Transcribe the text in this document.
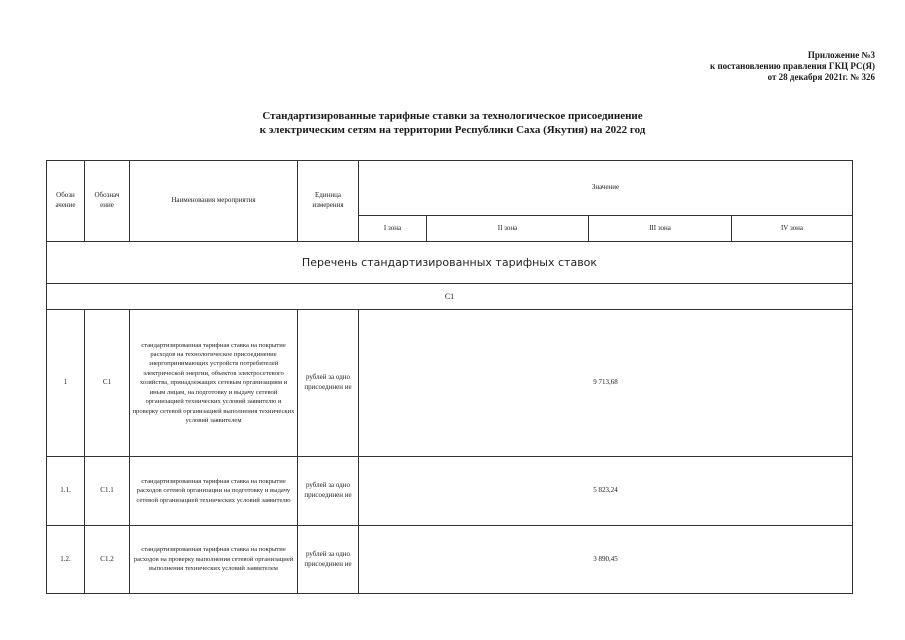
Приложение №3
к постановлению правления ГКЦ РС(Я)
от 28 декабря 2021г. № 326
Стандартизированные тарифные ставки за технологическое присоединение
к электрическим сетям на территории Республики Саха (Якутия) на 2022 год
Обозн ачение	Обознач ение	Наименования мероприятия	Единица измерения	Значение			
				I зона	II зона	III зона	IV зона
Перечень стандартизированных тарифных ставок							
С1							
1	С1	стандартизированная тарифная ставка на покрытие расходов на технологическое присоединение энергопринимающих устройств потребителей электрической энергии, объектов электросетевого хозяйства, принадлежащих сетевым организациям и иным лицам, на подготовку и выдачу сетевой организацией технических условий заявителю и проверку сетевой организацией выполнения технических условий заявителем	рублей за одно присоединен ие	9 713,68			
1.1.	С1.1	стандартизированная тарифная ставка на покрытие расходов сетевой организации на подготовку и выдачу сетевой организацией технических условий заявителю	рублей за одно присоединен ие	5 823,24			
1.2.	С1.2	стандартизированная тарифная ставка на покрытие расходов на проверку выполнения сетевой организацией выполнения технических условий заявителем	рублей за одно присоединен ие	3 890,45			
